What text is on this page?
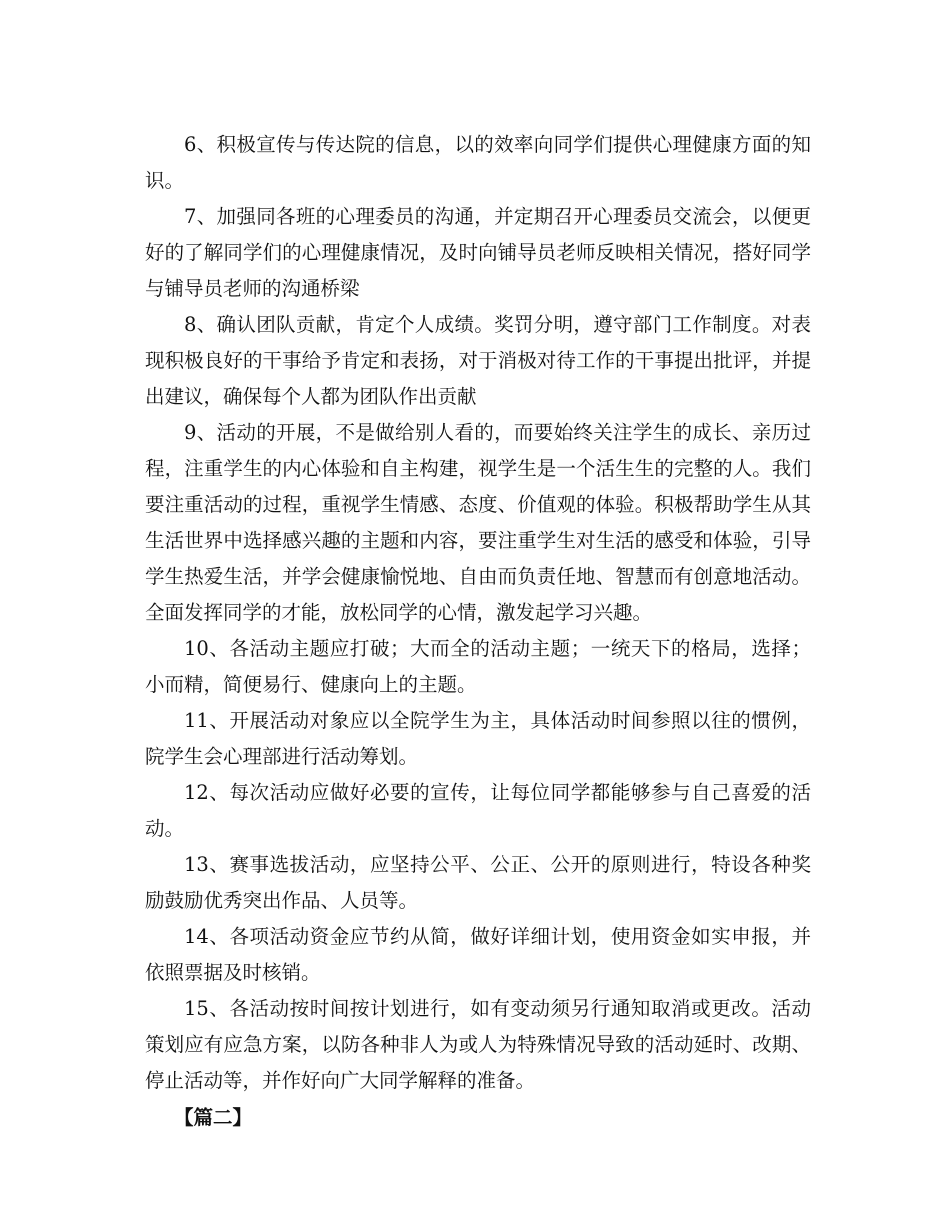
6、积极宣传与传达院的信息，以的效率向同学们提供心理健康方面的知识。

7、加强同各班的心理委员的沟通，并定期召开心理委员交流会，以便更好的了解同学们的心理健康情况，及时向铺导员老师反映相关情况，搭好同学与铺导员老师的沟通桥梁

8、确认团队贡献，肯定个人成绩。奖罚分明，遵守部门工作制度。对表现积极良好的干事给予肯定和表扬，对于消极对待工作的干事提出批评，并提出建议，确保每个人都为团队作出贡献

9、活动的开展，不是做给别人看的，而要始终关注学生的成长、亲历过程，注重学生的内心体验和自主构建，视学生是一个活生生的完整的人。我们要注重活动的过程，重视学生情感、态度、价值观的体验。积极帮助学生从其生活世界中选择感兴趣的主题和内容，要注重学生对生活的感受和体验，引导学生热爱生活，并学会健康愉悦地、自由而负责任地、智慧而有创意地活动。全面发挥同学的才能，放松同学的心情，激发起学习兴趣。

10、各活动主题应打破；大而全的活动主题；一统天下的格局，选择；小而精，简便易行、健康向上的主题。

11、开展活动对象应以全院学生为主，具体活动时间参照以往的惯例，院学生会心理部进行活动筹划。

12、每次活动应做好必要的宣传，让每位同学都能够参与自己喜爱的活动。

13、赛事选拔活动，应坚持公平、公正、公开的原则进行，特设各种奖励鼓励优秀突出作品、人员等。

14、各项活动资金应节约从简，做好详细计划，使用资金如实申报，并依照票据及时核销。

15、各活动按时间按计划进行，如有变动须另行通知取消或更改。活动策划应有应急方案，以防各种非人为或人为特殊情况导致的活动延时、改期、停止活动等，并作好向广大同学解释的准备。

【篇二】
